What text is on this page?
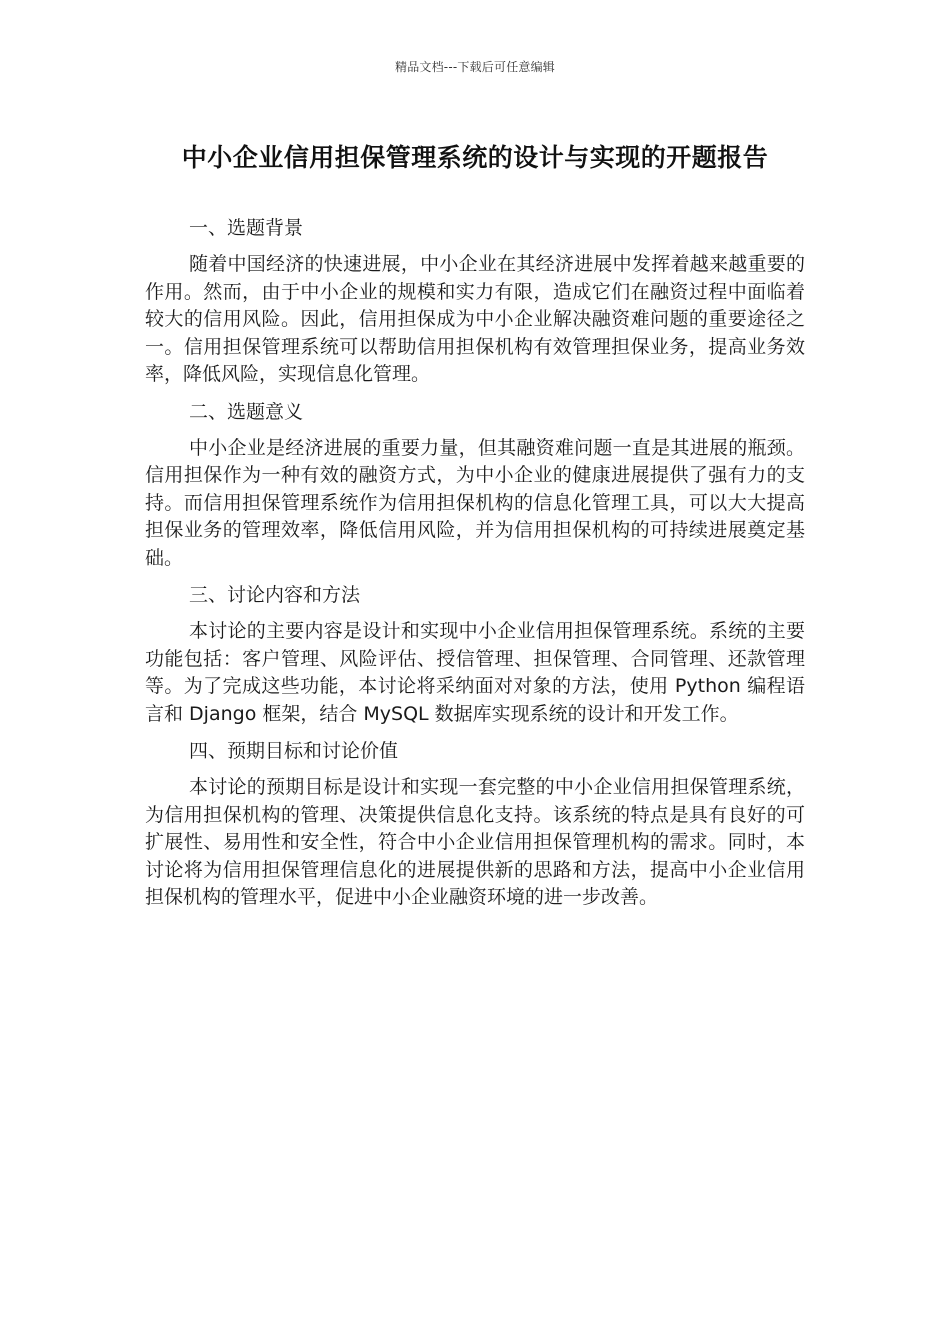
精品文档---下载后可任意编辑
中小企业信用担保管理系统的设计与实现的开题报告
一、选题背景

随着中国经济的快速进展，中小企业在其经济进展中发挥着越来越重要的作用。然而，由于中小企业的规模和实力有限，造成它们在融资过程中面临着较大的信用风险。因此，信用担保成为中小企业解决融资难问题的重要途径之一。信用担保管理系统可以帮助信用担保机构有效管理担保业务，提高业务效率，降低风险，实现信息化管理。

二、选题意义

中小企业是经济进展的重要力量，但其融资难问题一直是其进展的瓶颈。信用担保作为一种有效的融资方式，为中小企业的健康进展提供了强有力的支持。而信用担保管理系统作为信用担保机构的信息化管理工具，可以大大提高担保业务的管理效率，降低信用风险，并为信用担保机构的可持续进展奠定基础。

三、讨论内容和方法

本讨论的主要内容是设计和实现中小企业信用担保管理系统。系统的主要功能包括：客户管理、风险评估、授信管理、担保管理、合同管理、还款管理等。为了完成这些功能，本讨论将采纳面对对象的方法，使用 Python 编程语言和 Django 框架，结合 MySQL 数据库实现系统的设计和开发工作。

四、预期目标和讨论价值

本讨论的预期目标是设计和实现一套完整的中小企业信用担保管理系统，为信用担保机构的管理、决策提供信息化支持。该系统的特点是具有良好的可扩展性、易用性和安全性，符合中小企业信用担保管理机构的需求。同时，本讨论将为信用担保管理信息化的进展提供新的思路和方法，提高中小企业信用担保机构的管理水平，促进中小企业融资环境的进一步改善。
